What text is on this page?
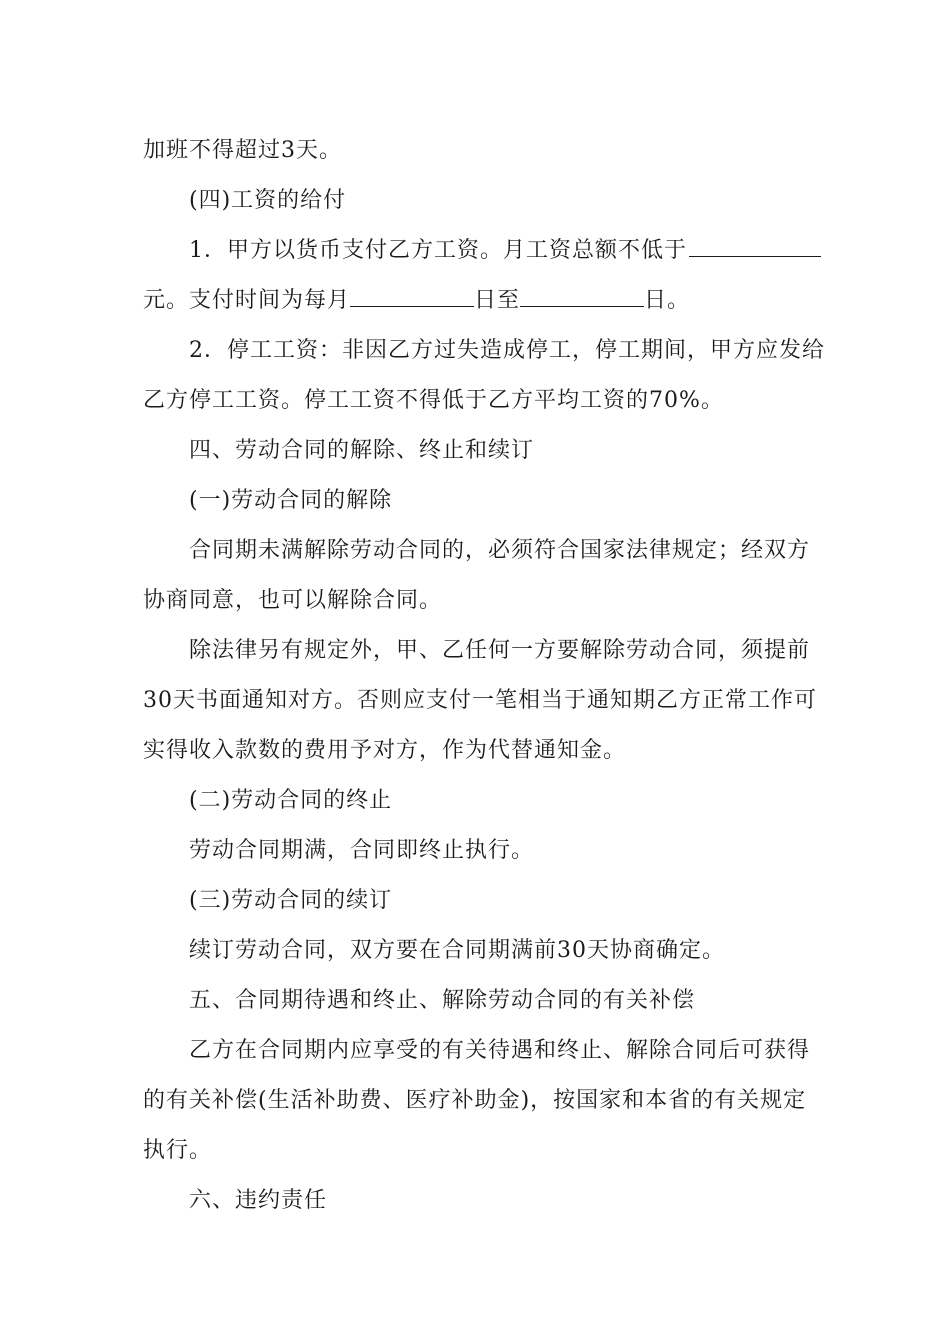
加班不得超过3天。
(四)工资的给付
1．甲方以货币支付乙方工资。月工资总额不低于
元。支付时间为每月	日至	日。
2．停工工资：非因乙方过失造成停工，停工期间，甲方应发给
乙方停工工资。停工工资不得低于乙方平均工资的70%。
四、劳动合同的解除、终止和续订
(一)劳动合同的解除
合同期未满解除劳动合同的，必须符合国家法律规定；经双方
协商同意，也可以解除合同。
除法律另有规定外，甲、乙任何一方要解除劳动合同，须提前
30天书面通知对方。否则应支付一笔相当于通知期乙方正常工作可
实得收入款数的费用予对方，作为代替通知金。
(二)劳动合同的终止
劳动合同期满，合同即终止执行。
(三)劳动合同的续订
续订劳动合同，双方要在合同期满前30天协商确定。
五、合同期待遇和终止、解除劳动合同的有关补偿
乙方在合同期内应享受的有关待遇和终止、解除合同后可获得
的有关补偿(生活补助费、医疗补助金)，按国家和本省的有关规定
执行。
六、违约责任
